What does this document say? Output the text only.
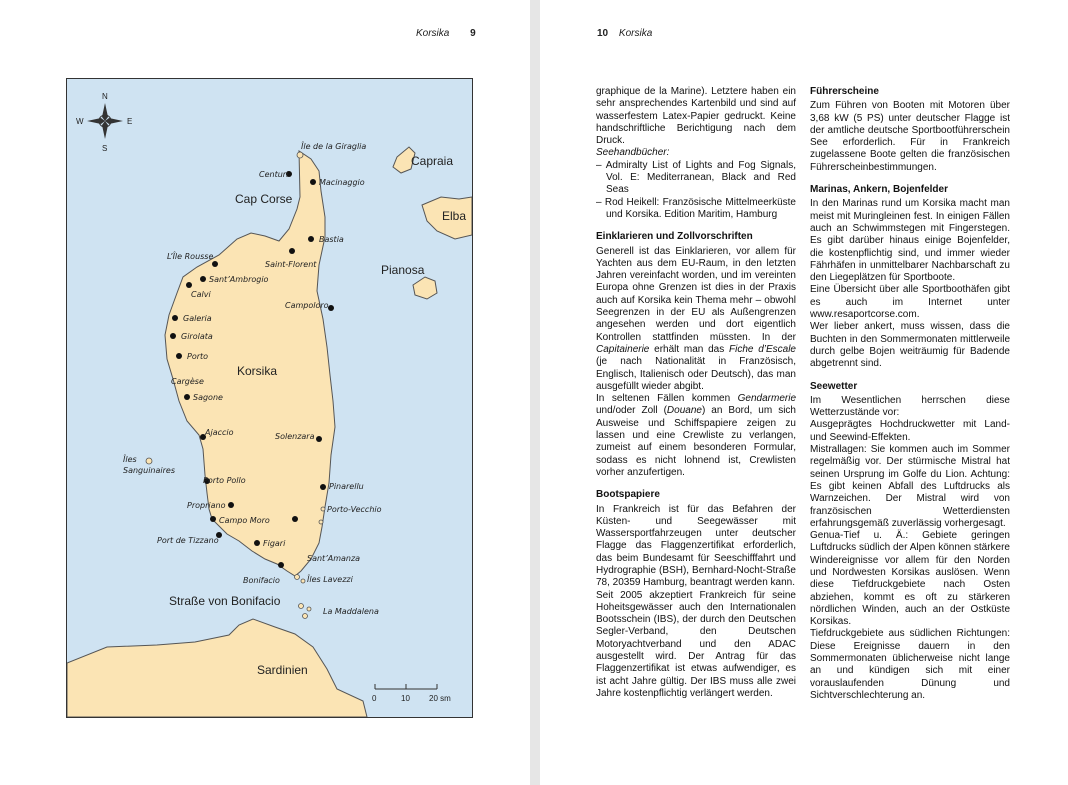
Korsika 9
N
S
W	E
Capraia
Elba
Pianosa
Korsika
Sardinien
Cap Corse
Straße von Bonifacio
Île de la Giraglia
Centuri
Macinaggio
Bastia
Saint-Florent
L’Île Rousse
Sant’Ambrogio
Calvi
Campoloro
Galeria
Girolata
Porto
Cargèse
Sagone
Ajaccio	Solenzara
Îles
Sanguinaires
Porto Pollo
Pinarellu
Propriano	Porto-Vecchio
Campo Moro
Port de Tizzano	Figari
Sant’Amanza
Bonifacio	Îles Lavezzi
La Maddalena
0	10 20 sm
10 Korsika

graphique de la Marine). Letztere haben ein sehr ansprechendes Kartenbild und sind auf wasserfestem Latex-Papier gedruckt. Keine handschriftliche Berichtigung nach dem Druck.

Seehandbücher:

– Admiralty List of Lights and Fog Signals, Vol. E: Mediterranean, Black and Red Seas
– Rod Heikell: Französische Mittelmeerküste und Korsika. Edition Maritim, Hamburg
Einklarieren und Zollvorschriften

Generell ist das Einklarieren, vor allem für Yachten aus dem EU-Raum, in den letzten Jahren vereinfacht worden, und im vereinten Europa ohne Grenzen ist dies in der Praxis auch auf Korsika kein Thema mehr – obwohl Seegrenzen in der EU als Außengrenzen angesehen werden und dort eigentlich Kontrollen stattfinden müssten. In der Capitainerie erhält man das Fiche d’Escale (je nach Nationalität in Französisch, Englisch, Italienisch oder Deutsch), das man ausgefüllt wieder abgibt.

In seltenen Fällen kommen Gendarmerie und/oder Zoll (Douane) an Bord, um sich Ausweise und Schiffspapiere zeigen zu lassen und eine Crewliste zu verlangen, zumeist auf einem besonderen Formular, sodass es nicht lohnend ist, Crewlisten vorher anzufertigen.

Bootspapiere

In Frankreich ist für das Befahren der Küsten- und Seegewässer mit Wassersportfahrzeugen unter deutscher Flagge das Flaggenzertifikat erforderlich, das beim Bundesamt für Seeschifffahrt und Hydrographie (BSH), Bernhard-Nocht-Straße 78, 20359 Hamburg, beantragt werden kann.

Seit 2005 akzeptiert Frankreich für seine Hoheitsgewässer auch den Internationalen Bootsschein (IBS), der durch den Deutschen Segler-Verband, den Deutschen Motoryachtverband und den ADAC ausgestellt wird. Der Antrag für das Flaggenzertifikat ist etwas aufwendiger, es ist acht Jahre gültig. Der IBS muss alle zwei Jahre kostenpflichtig verlängert werden.

Führerscheine

Zum Führen von Booten mit Motoren über 3,68 kW (5 PS) unter deutscher Flagge ist der amtliche deutsche Sportbootführerschein See erforderlich. Für in Frankreich zugelassene Boote gelten die französischen Führerscheinbestimmungen.

Marinas, Ankern, Bojenfelder

In den Marinas rund um Korsika macht man meist mit Muringleinen fest. In einigen Fällen auch an Schwimmstegen mit Fingerstegen. Es gibt darüber hinaus einige Bojenfelder, die kostenpflichtig sind, und immer wieder Fährhäfen in unmittelbarer Nachbarschaft zu den Liegeplätzen für Sportboote.

Eine Übersicht über alle Sportboothäfen gibt es auch im Internet unter www.resaportcorse.com.

Wer lieber ankert, muss wissen, dass die Buchten in den Sommermonaten mittlerweile durch gelbe Bojen weiträumig für Badende abgetrennt sind.

Seewetter

Im Wesentlichen herrschen diese Wetterzustände vor:

Ausgeprägtes Hochdruckwetter mit Land- und Seewind-Effekten.

Mistrallagen: Sie kommen auch im Sommer regelmäßig vor. Der stürmische Mistral hat seinen Ursprung im Golfe du Lion. Achtung: Es gibt keinen Abfall des Luftdrucks als Warnzeichen. Der Mistral wird von französischen Wetterdiensten erfahrungsgemäß zuverlässig vorhergesagt.

Genua-Tief u. Ä.: Gebiete geringen Luftdrucks südlich der Alpen können stärkere Windereignisse vor allem für den Norden und Nordwesten Korsikas auslösen. Wenn diese Tiefdruckgebiete nach Osten abziehen, kommt es oft zu stärkeren nördlichen Winden, auch an der Ostküste Korsikas.

Tiefdruckgebiete aus südlichen Richtungen: Diese Ereignisse dauern in den Sommermonaten üblicherweise nicht lange an und kündigen sich mit einer vorauslaufenden Dünung und Sichtverschlechterung an.
